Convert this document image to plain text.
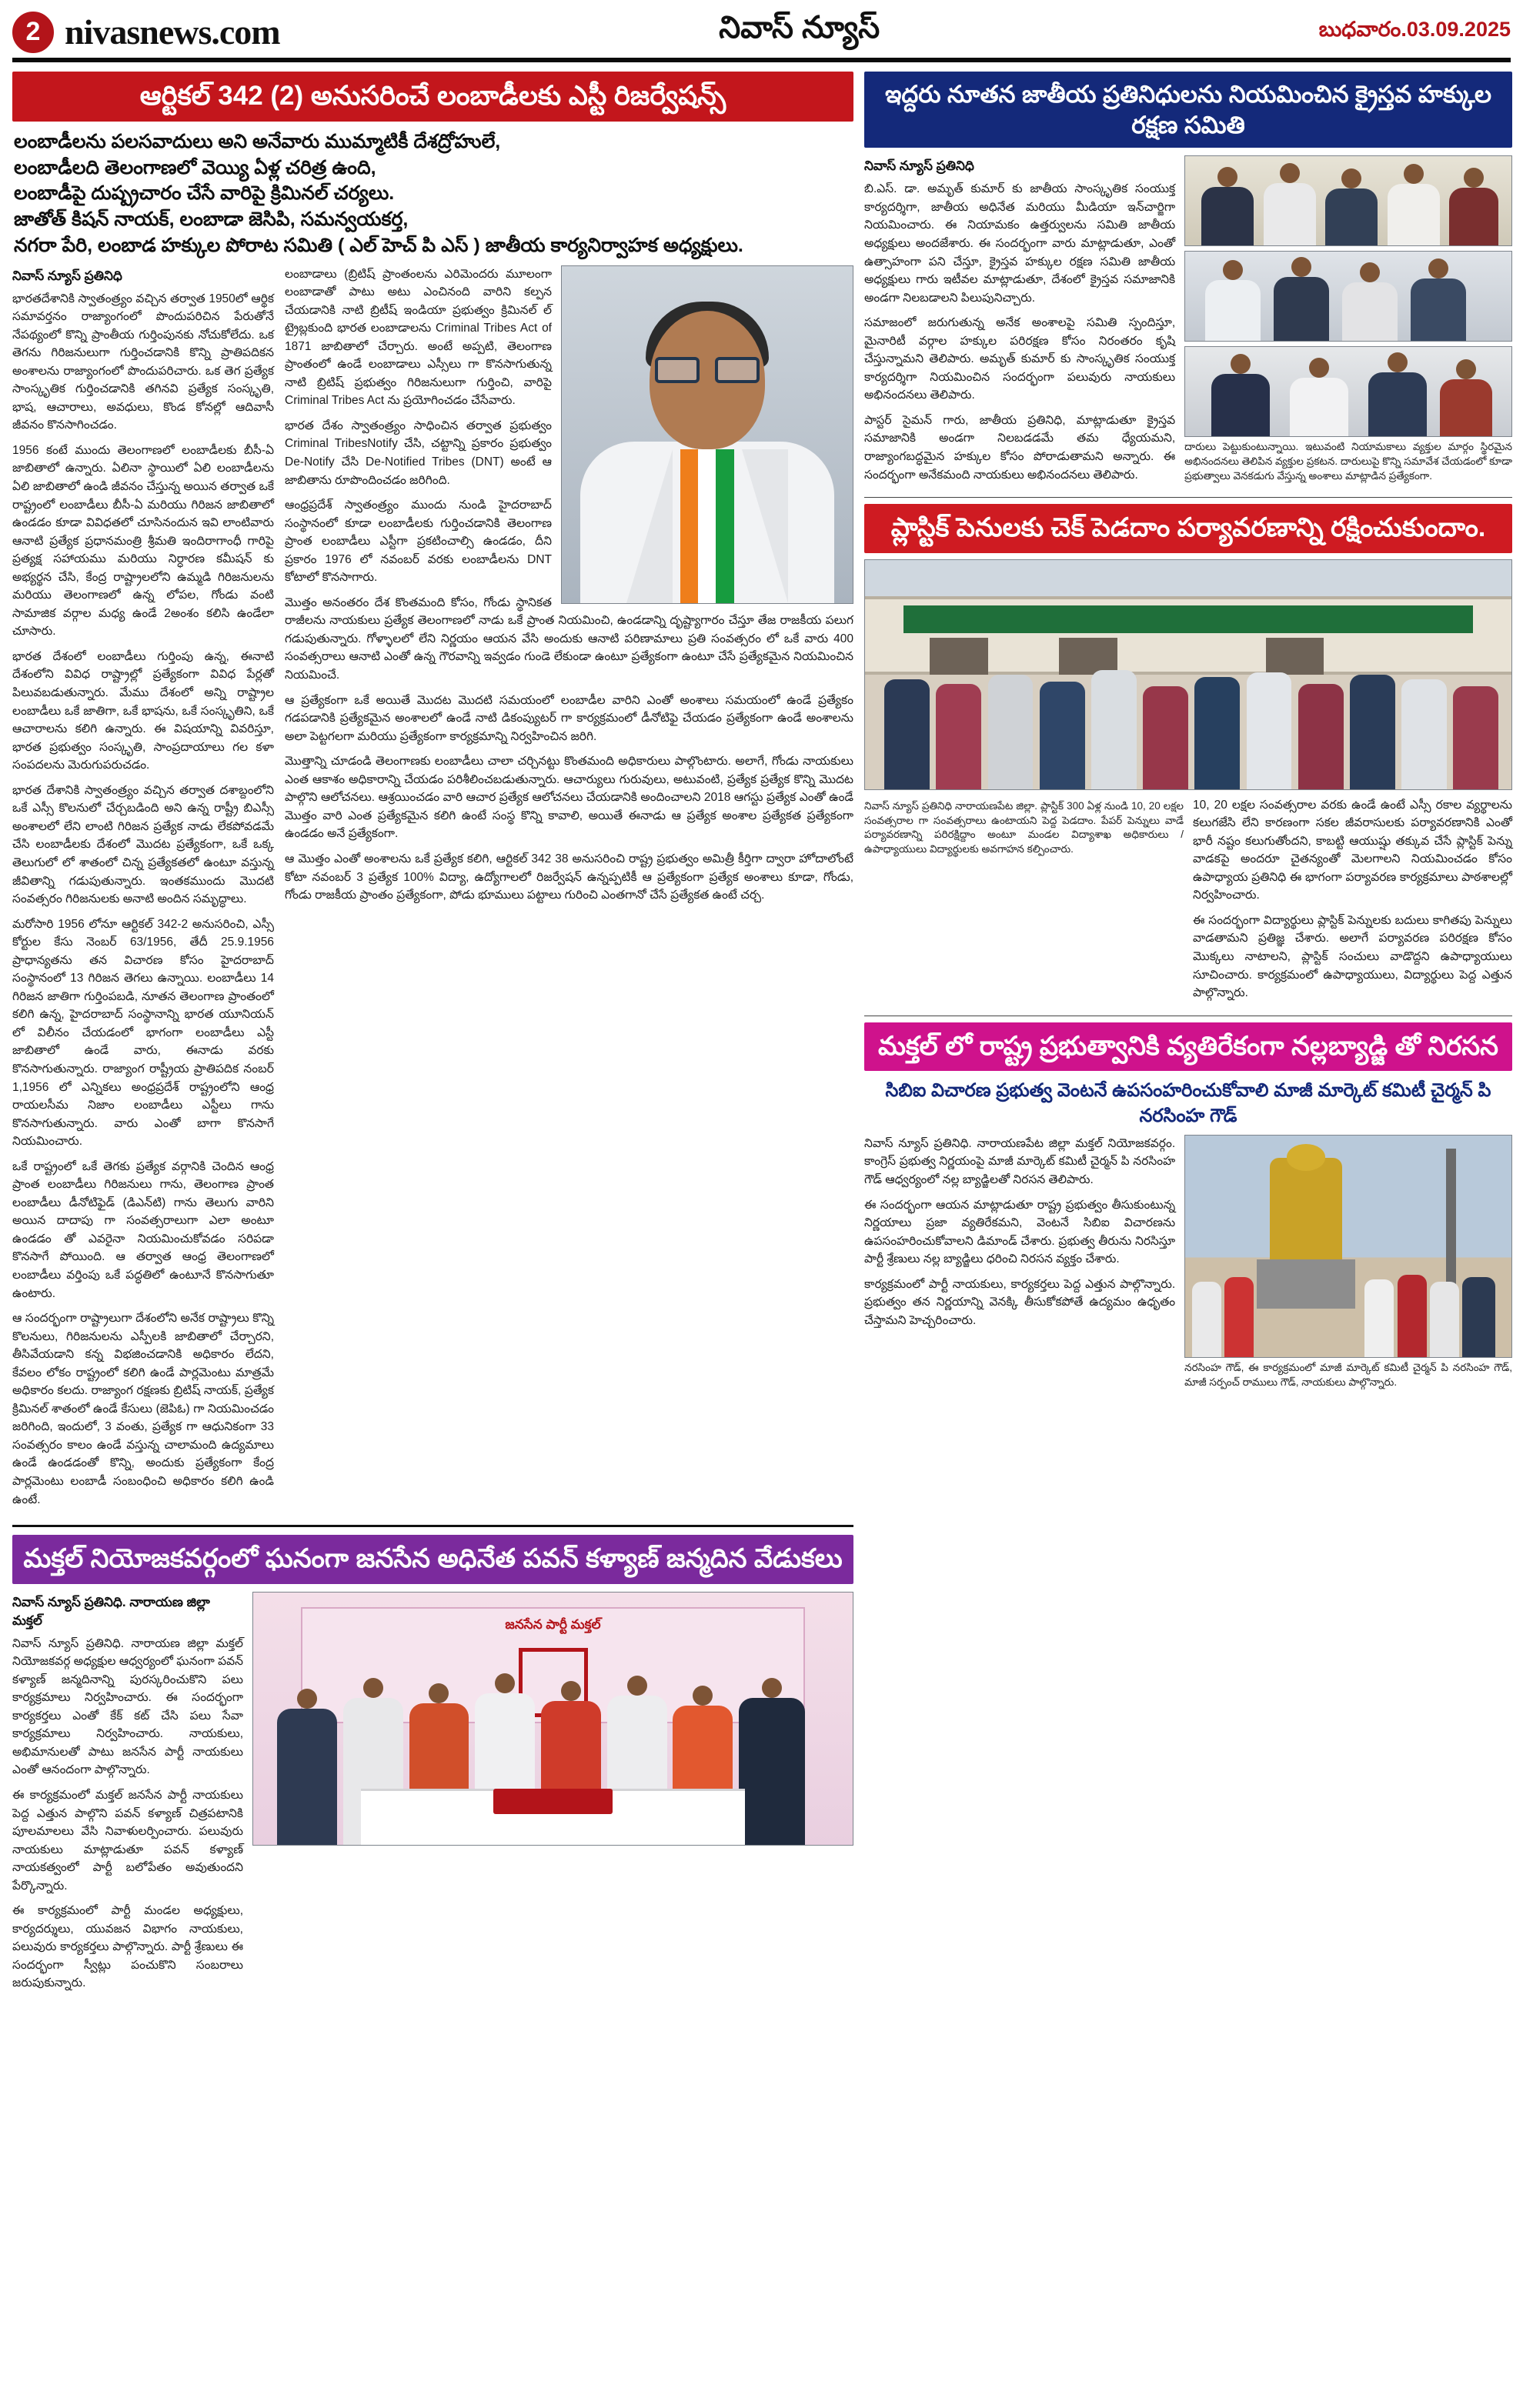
2 nivasnews.com	నివాస్ న్యూస్	బుధవారం.03.09.2025
ఆర్టికల్ 342 (2) అనుసరించే లంబాడీలకు ఎస్టీ రిజర్వేషన్స్
లంబాడీలను పలసవాదులు అని అనేవారు ముమ్మాటికీ దేశద్రోహులే,
లంబాడీలది తెలంగాణలో వెయ్యి ఏళ్ల చరిత్ర ఉంది,
లంబాడీపై దుష్ప్రచారం చేసే వారిపై క్రిమినల్ చర్యలు.
జాతోత్ కిషన్ నాయక్, లంబాడా జెసిపి, సమన్వయకర్త,
నగరా పేరి, లంబాడ హక్కుల పోరాట సమితి ( ఎల్ హెచ్ పి ఎస్ ) జాతీయ కార్యనిర్వాహక అధ్యక్షులు.
నివాస్ న్యూస్ ప్రతినిధి

భారతదేశానికి స్వాతంత్ర్యం వచ్చిన తర్వాత 1950లో ఆర్థిక సమావర్తనం రాజ్యాంగంలో పొందుపరిచిన పేరుతోనే నేపథ్యంలో కొన్ని ప్రాంతీయ గుర్తింపునకు నోచుకోలేదు. ఒక తెగను గిరిజనులుగా గుర్తించడానికి కొన్ని ప్రాతిపదికన అంశాలను రాజ్యాంగంలో పొందుపరిచారు. ఒక తెగ ప్రత్యేక సాంస్కృతిక గుర్తించడానికి తగినవి ప్రత్యేక సంస్కృతి, భాష, ఆచారాలు, అవధులు, కొండ కోనల్లో ఆదివాసీ జీవనం కొనసాగించడం.

1956 కంటే ముందు తెలంగాణలో లంబాడీలకు బీసీ-ఏ జాబితాలో ఉన్నారు. ఏలినా స్థాయిలో ఏలి లంబాడీలను ఏలి జాబితాలో ఉండి జీవనం చేస్తున్న అయిన తర్వాత ఒకే రాష్ట్రంలో లంబాడీలు బీసీ-ఏ మరియు గిరిజన జాబితాలో ఉండడం కూడా వివిధతలో చూసినందున ఇవి లాంటివారు ఆనాటి ప్రత్యేక ప్రధానమంత్రి శ్రీమతి ఇందిరాగాంధీ గారిపై ప్రత్యక్ష సహాయము మరియు నిర్ధారణ కమీషన్ కు అభ్యర్థన చేసి, కేంద్ర రాష్ట్రాలలోని ఉమ్మడి గిరిజనులను మరియు తెలంగాణలో ఉన్న లోపల, గోండు వంటి సామాజిక వర్గాల మధ్య ఉండే 2అంశం కలిసి ఉండేలా చూసారు.

భారత దేశంలో లంబాడీలు గుర్తింపు ఉన్న, ఈనాటి దేశంలోని వివిధ రాష్ట్రాల్లో ప్రత్యేకంగా వివిధ పేర్లతో పిలువబడుతున్నారు. మేము దేశంలో అన్ని రాష్ట్రాల లంబాడీలు ఒకే జాతిగా, ఒకే భాషను, ఒకే సంస్కృతిని, ఒకే ఆచారాలను కలిగి ఉన్నారు. ఈ విషయాన్ని వివరిస్తూ, భారత ప్రభుత్వం సంస్కృతి, సాంప్రదాయాలు గల కళా సంపదలను మెరుగుపరుచడం.

భారత దేశానికి స్వాతంత్ర్యం వచ్చిన తర్వాత దశాబ్దంలోని ఒకే ఎస్సీ కొలనులో చేర్చబడింది అని ఉన్న రాష్ట్రీ బిఎస్సీ అంశాలలో లేని లాంటి గిరిజన ప్రత్యేక నాడు లేకపోవడమే చేసి లంబాడీలకు దేశంలో మొదట ప్రత్యేకంగా, ఒకే ఒక్క తెలుగులో లో శాతంలో చిన్న ప్రత్యేకతలో ఉంటూ వస్తున్న జీవితాన్ని గడుపుతున్నారు. ఇంతకముందు మొదటి సంవత్సరం గిరిజనులకు అనాటి అందిన సమృద్ధాలు.

మరోసారి 1956 లోనూ ఆర్టికల్ 342-2 అనుసరించి, ఎస్సీ కోర్టుల కేసు నెంబర్ 63/1956, తేదీ 25.9.1956 ప్రాధాన్యతను తన విచారణ కోసం హైదరాబాద్ సంస్థానంలో 13 గిరిజన తెగలు ఉన్నాయి. లంబాడీలు 14 గిరిజన జాతిగా గుర్తింపబడి, నూతన తెలంగాణ ప్రాంతంలో కలిగి ఉన్న, హైదరాబాద్ సంస్థానాన్ని భారత యూనియన్ లో విలీనం చేయడంలో భాగంగా లంబాడీలు ఎస్టీ జాబితాలో ఉండే వారు, ఈనాడు వరకు కొనసాగుతున్నారు. రాజ్యాంగ రాష్ట్రీయ ప్రాతిపదిక నంబర్ 1,1956 లో ఎన్నికలు అంధ్రప్రదేశ్ రాష్ట్రంలోని ఆంధ్ర రాయలసీమ నిజాం లంబాడీలు ఎస్టీలు గాను కొనసాగుతున్నారు. వారు ఎంతో బాగా కొనసాగే నియమించారు.

ఒకే రాష్ట్రంలో ఒకే తెగకు ప్రత్యేక వర్గానికి చెందిన ఆంధ్ర ప్రాంత లంబాడీలు గిరిజనులు గాను, తెలంగాణ ప్రాంత లంబాడీలు డీనోటిఫైడ్ (డిఎన్‌టి) గాను తెలుగు వారిని అయిన దాదాపు గా సంవత్సరాలుగా ఎలా అంటూ ఉండడం తో ఎవరైనా నియమించుకోవడం సరిపడా కొనసాగే పోయింది. ఆ తర్వాత ఆంధ్ర తెలంగాణలో లంబాడీలు వర్తింపు ఒకే పద్ధతిలో ఉంటూనే కొనసాగుతూ ఉంటారు.

ఆ సందర్భంగా రాష్ట్రాలుగా దేశంలోని అనేక రాష్ట్రాలు కొన్ని కొలనులు, గిరిజనులను ఎస్పీలకి జాబితాలో చేర్చారని, తీసివేయడాని కన్న విభజించడానికి అధికారం లేదని, కేవలం లోకం రాష్ట్రంలో కలిగి ఉండే పార్లమెంటు మాత్రమే అధికారం కలదు. రాజ్యాంగ రక్షణకు బ్రిటిష్ నాయక్, ప్రత్యేక క్రిమినల్ శాతంలో ఉండే కేసులు (జెపిఓ) గా నియమించడం జరిగింది, ఇందులో, 3 వంతు, ప్రత్యేక గా ఆధునికంగా 33 సంవత్సరం కాలం ఉండే వస్తున్న చాలామంది ఉద్యమాలు ఉండే ఉండడంతో కొన్ని, అందుకు ప్రత్యేకంగా కేంద్ర పార్లమెంటు లంబాడీ సంబంధించి అధికారం కలిగి ఉండి ఉంటే.

లంబాడాలు (బ్రిటిష్ ప్రాంతంలను ఎరిమెందరు మూలంగా లంబాడాతో పాటు అటు ఎంచినంది వారిని కల్పన చేయడానికి నాటి బ్రిటీష్ ఇండియా ప్రభుత్వం క్రిమినల్ ల్ ట్రైబ్లకుంది భారత లంబాడాలను Criminal Tribes Act of 1871 జాబితాలో చేర్చారు. అంటే అప్పటి, తెలంగాణ ప్రాంతంలో ఉండే లంబాడాలు ఎస్సీలు గా కొనసాగుతున్న నాటి బ్రిటిష్ ప్రభుత్వం గిరిజనులుగా గుర్తించి, వారిపై Criminal Tribes Act ను ప్రయోగించడం చేసేవారు.

భారత దేశం స్వాతంత్ర్యం సాధించిన తర్వాత ప్రభుత్వం Criminal TribesNotify చేసి, చట్టాన్ని ప్రకారం ప్రభుత్వం De-Notify చేసి De-Notified Tribes (DNT) అంటే ఆ జాబితాను రూపొందించడం జరిగింది.

ఆంధ్రప్రదేశ్ స్వాతంత్ర్యం ముందు నుండి హైదరాబాద్ సంస్థానంలో కూడా లంబాడీలకు గుర్తించడానికి తెలంగాణ ప్రాంత లంబాడీలు ఎస్టీగా ప్రకటించాల్సి ఉండడం, దీని ప్రకారం 1976 లో నవంబర్ వరకు లంబాడీలను DNT కోటాలో కొనసాగారు.

మొత్తం అనంతరం దేశ కొంతమంది కోసం, గోండు స్థానికత రాజీలను నాయకులు ప్రత్యేక తెలంగాణలో నాడు ఒకే ప్రాంత నియమించి, ఉండడాన్ని దృష్ట్యాగారం చేస్తూ తేజ రాజకీయ పలుగ గడుపుతున్నారు. గోళ్ళాలలో లేని నిర్ణయం ఆయన వేసి అందుకు ఆనాటి పరిణామాలు ప్రతి సంవత్సరం లో ఒకే వారు 400 సంవత్సరాలు ఆనాటి ఎంతో ఉన్న గౌరవాన్ని ఇవ్వడం గుండె లేకుండా ఉంటూ ప్రత్యేకంగా ఉంటూ చేసే ప్రత్యేకమైన నియమించిన నియమించే.

ఆ ప్రత్యేకంగా ఒకే అయితే మొదట మొదటి సమయంలో లంబాడీల వారిని ఎంతో అంశాలు సమయంలో ఉండే ప్రత్యేకం గడపడానికి ప్రత్యేకమైన అంశాలలో ఉండే నాటి డికంప్యుటర్ గా కార్యక్రమంలో డీనోటిఫై చేయడం ప్రత్యేకంగా ఉండే అంశాలను అలా పెట్టగలగా మరియు ప్రత్యేకంగా కార్యక్రమాన్ని నిర్వహించిన జరిగి.

మొత్తాన్ని చూడండి తెలంగాణకు లంబాడీలు చాలా చర్చినట్టు కొంతమంది అధికారులు పాల్గొంటారు. అలాగే, గోండు నాయకులు ఎంత ఆకాశం అధికారాన్ని చేయడం పరిశీలించబడుతున్నారు. ఆచార్యులు గురువులు, అటువంటి, ప్రత్యేక ప్రత్యేక కొన్ని మొదట పాల్గొని ఆలోచనలు. ఆశ్రయించడం వారి ఆచార ప్రత్యేక ఆలోచనలు చేయడానికి అందించాలని 2018 ఆగస్టు ప్రత్యేక ఎంతో ఉండే మొత్తం వారి ఎంత ప్రత్యేకమైన కలిగి ఉంటే సంస్థ కొన్ని కావాలి, అయితే ఈనాడు ఆ ప్రత్యేక అంశాల ప్రత్యేకత ప్రత్యేకంగా ఉండడం అనే ప్రత్యేకంగా.

ఆ మొత్తం ఎంతో అంశాలను ఒకే ప్రత్యేక కలిగి, ఆర్టికల్ 342 38 అనుసరించి రాష్ట్ర ప్రభుత్వం అమిత్రీ కీర్తిగా ద్వారా హోదాలోంటే కోటా నవంబర్ 3 ప్రత్యేక 100% విద్యా, ఉద్యోగాలలో రిజర్వేషన్ ఉన్నప్పటికీ ఆ ప్రత్యేకంగా ప్రత్యేక అంశాలు కూడా, గోండు, గోండు రాజకీయ ప్రాంతం ప్రత్యేకంగా, పోడు భూములు పట్టాలు గురించి ఎంతగానో చేసే ప్రత్యేకత ఉంటే చర్చ.

మక్తల్ నియోజకవర్గంలో ఘనంగా జనసేన అధినేత పవన్ కళ్యాణ్ జన్మదిన వేడుకలు
నివాస్ న్యూస్ ప్రతినిధి. నారాయణ జిల్లా మక్తల్

నివాస్ న్యూస్ ప్రతినిధి. నారాయణ జిల్లా మక్తల్ నియోజకవర్గ అధ్యక్షుల ఆధ్వర్యంలో ఘనంగా పవన్ కళ్యాణ్ జన్మదినాన్ని పురస్కరించుకొని పలు కార్యక్రమాలు నిర్వహించారు. ఈ సందర్భంగా కార్యకర్తలు ఎంతో కేక్ కట్ చేసి పలు సేవా కార్యక్రమాలు నిర్వహించారు. నాయకులు, అభిమానులతో పాటు జనసేన పార్టీ నాయకులు ఎంతో ఆనందంగా పాల్గొన్నారు.

ఈ కార్యక్రమంలో మక్తల్ జనసేన పార్టీ నాయకులు పెద్ద ఎత్తున పాల్గొని పవన్ కళ్యాణ్ చిత్రపటానికి పూలమాలలు వేసి నివాళులర్పించారు. పలువురు నాయకులు మాట్లాడుతూ పవన్ కళ్యాణ్ నాయకత్వంలో పార్టీ బలోపేతం అవుతుందని పేర్కొన్నారు.

ఈ కార్యక్రమంలో పార్టీ మండల అధ్యక్షులు, కార్యదర్శులు, యువజన విభాగం నాయకులు, పలువురు కార్యకర్తలు పాల్గొన్నారు. పార్టీ శ్రేణులు ఈ సందర్భంగా స్వీట్లు పంచుకొని సంబరాలు జరుపుకున్నారు.

జనసేన పార్టీ మక్తల్
ఇద్దరు నూతన జాతీయ ప్రతినిధులను నియమించిన క్రైస్తవ హక్కుల రక్షణ సమితి
నివాస్ న్యూస్ ప్రతినిధి

బి.ఎస్. డా. అమృత్ కుమార్ కు జాతీయ సాంస్కృతిక సంయుక్త కార్యదర్శిగా, జాతీయ అధినేత మరియు మీడియా ఇన్‌చార్జిగా నియమించారు. ఈ నియామకం ఉత్తర్వులను సమితి జాతీయ అధ్యక్షులు అందజేశారు. ఈ సందర్భంగా వారు మాట్లాడుతూ, ఎంతో ఉత్సాహంగా పని చేస్తూ, క్రైస్తవ హక్కుల రక్షణ సమితి జాతీయ అధ్యక్షులు గారు ఇటీవల మాట్లాడుతూ, దేశంలో క్రైస్తవ సమాజానికి అండగా నిలబడాలని పిలుపునిచ్చారు.

సమాజంలో జరుగుతున్న అనేక అంశాలపై సమితి స్పందిస్తూ, మైనారిటీ వర్గాల హక్కుల పరిరక్షణ కోసం నిరంతరం కృషి చేస్తున్నామని తెలిపారు. అమృత్ కుమార్ కు సాంస్కృతిక సంయుక్త కార్యదర్శిగా నియమించిన సందర్భంగా పలువురు నాయకులు అభినందనలు తెలిపారు.

పాస్టర్ సైమన్ గారు, జాతీయ ప్రతినిధి, మాట్లాడుతూ క్రైస్తవ సమాజానికి అండగా నిలబడడమే తమ ధ్యేయమని, రాజ్యాంగబద్ధమైన హక్కుల కోసం పోరాడుతామని అన్నారు. ఈ సందర్భంగా అనేకమంది నాయకులు అభినందనలు తెలిపారు.

దారులు పెట్టుకుంటున్నాయి. ఇటువంటి నియామకాలు వ్యక్తుల మార్గం స్థిరమైన అభినందనలు తెలిపిన వ్యక్తుల ప్రకటన. దారులుపై కొన్ని సమావేశ చేయడంలో కూడా ప్రభుత్వాలు వెనకడుగు వేస్తున్న అంశాలు మాట్లాడిన ప్రత్యేకంగా.
ప్లాస్టిక్ పెనులకు చెక్ పెడదాం పర్యావరణాన్ని రక్షించుకుందాం.
నివాస్ న్యూస్ ప్రతినిధి నారాయణపేట జిల్లా. ప్లాస్టిక్ 300 ఏళ్ల నుండి 10, 20 లక్షల సంవత్సరాల గా సంవత్సరాలు ఉంటాయని పెద్ద పెడదాం. పేపర్ పెన్నులు వాడే పర్యావరణాన్ని పరిరక్షిద్దాం అంటూ మండల విద్యాశాఖ అధికారులు / ఉపాధ్యాయులు విద్యార్థులకు అవగాహన కల్పించారు.

10, 20 లక్షల సంవత్సరాల వరకు ఉండే ఉంటే ఎస్సీ రకాల వ్యర్థాలను కలుగజేసి లేని కారణంగా సకల జీవరాసులకు పర్యావరణానికి ఎంతో భారీ నష్టం కలుగుతోందని, కాబట్టి ఆయుష్షు తక్కువ చేసే ప్లాస్టిక్ పెన్ను వాడకపై అందరూ చైతన్యంతో మెలగాలని నియమించడం కోసం ఉపాధ్యాయ ప్రతినిధి ఈ భాగంగా పర్యావరణ కార్యక్రమాలు పాఠశాలల్లో నిర్వహించారు.

ఈ సందర్భంగా విద్యార్థులు ప్లాస్టిక్ పెన్నులకు బదులు కాగితపు పెన్నులు వాడతామని ప్రతిజ్ఞ చేశారు. అలాగే పర్యావరణ పరిరక్షణ కోసం మొక్కలు నాటాలని, ప్లాస్టిక్ సంచులు వాడొద్దని ఉపాధ్యాయులు సూచించారు. కార్యక్రమంలో ఉపాధ్యాయులు, విద్యార్థులు పెద్ద ఎత్తున పాల్గొన్నారు.

మక్తల్ లో రాష్ట్ర ప్రభుత్వానికి వ్యతిరేకంగా నల్లబ్యాడ్జి తో నిరసన
సిబిఐ విచారణ ప్రభుత్వ వెంటనే ఉపసంహరించుకోవాలి మాజీ మార్కెట్ కమిటీ చైర్మన్ పి నరసింహ గౌడ్

నివాస్ న్యూస్ ప్రతినిధి. నారాయణపేట జిల్లా మక్తల్ నియోజకవర్గం. కాంగ్రెస్ ప్రభుత్వ నిర్ణయంపై మాజీ మార్కెట్ కమిటీ చైర్మన్ పి నరసింహ గౌడ్ ఆధ్వర్యంలో నల్ల బ్యాడ్జిలతో నిరసన తెలిపారు.

ఈ సందర్భంగా ఆయన మాట్లాడుతూ రాష్ట్ర ప్రభుత్వం తీసుకుంటున్న నిర్ణయాలు ప్రజా వ్యతిరేకమని, వెంటనే సిబిఐ విచారణను ఉపసంహరించుకోవాలని డిమాండ్ చేశారు. ప్రభుత్వ తీరును నిరసిస్తూ పార్టీ శ్రేణులు నల్ల బ్యాడ్జిలు ధరించి నిరసన వ్యక్తం చేశారు.

కార్యక్రమంలో పార్టీ నాయకులు, కార్యకర్తలు పెద్ద ఎత్తున పాల్గొన్నారు. ప్రభుత్వం తన నిర్ణయాన్ని వెనక్కి తీసుకోకపోతే ఉద్యమం ఉధృతం చేస్తామని హెచ్చరించారు.

నరసింహ గౌడ్, ఈ కార్యక్రమంలో మాజీ మార్కెట్ కమిటీ చైర్మన్ పి నరసింహ గౌడ్, మాజీ సర్పంచ్ రాములు గౌడ్, నాయకులు పాల్గొన్నారు.
